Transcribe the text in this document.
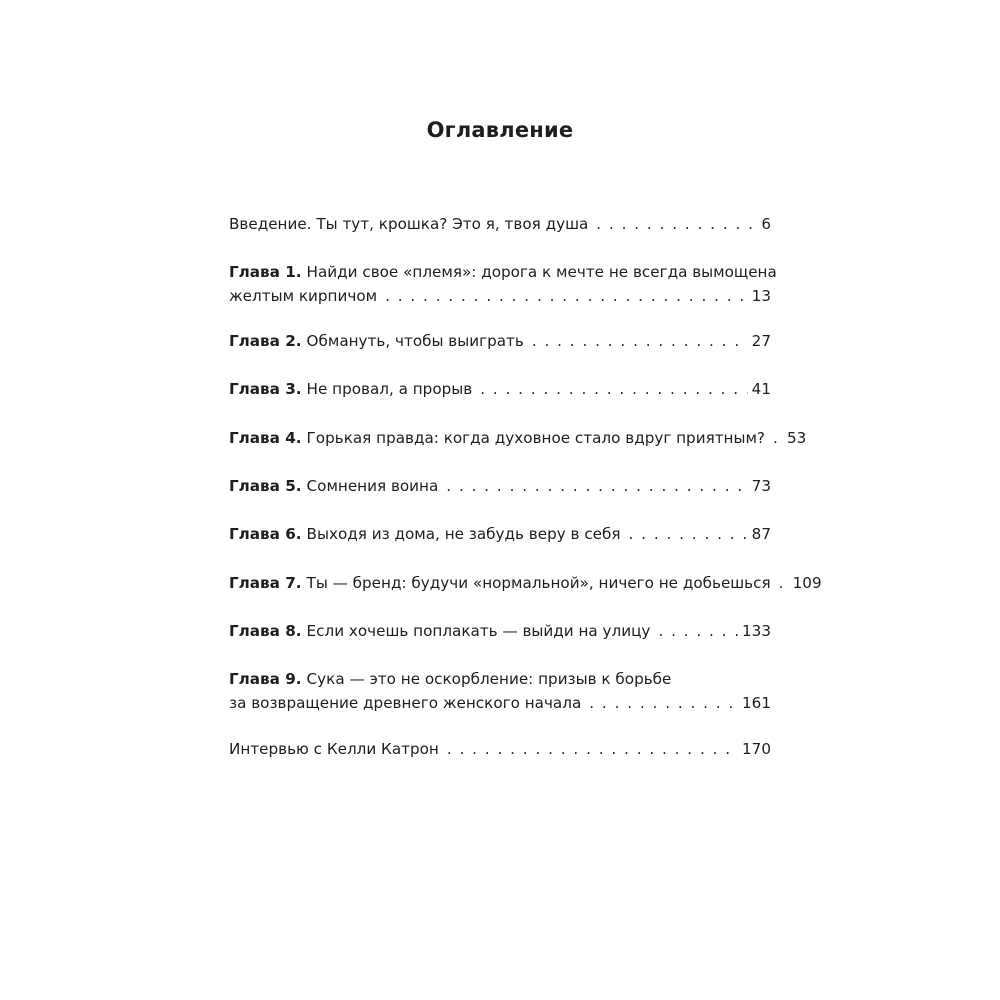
Оглавление
Введение. Ты тут, крошка? Это я, твоя душа . . .	6
Глава 1. Найди свое «племя»: дорога к мечте не всегда вымощена
желтым кирпичом . . .	13
Глава 2. Обмануть, чтобы выиграть . . .	27
Глава 3. Не провал, а прорыв . . .	41
Глава 4. Горькая правда: когда духовное стало вдруг приятным? . . . 53
Глава 5. Сомнения воина . . .	73
Глава 6. Выходя из дома, не забудь веру в себя . . .	87
Глава 7. Ты — бренд: будучи «нормальной», ничего не добьешься . . . 109
Глава 8. Если хочешь поплакать — выйди на улицу . . .	133
Глава 9. Сука — это не оскорбление: призыв к борьбе
за возвращение древнего женского начала . . .	161
Интервью с Келли Катрон . . .	170
